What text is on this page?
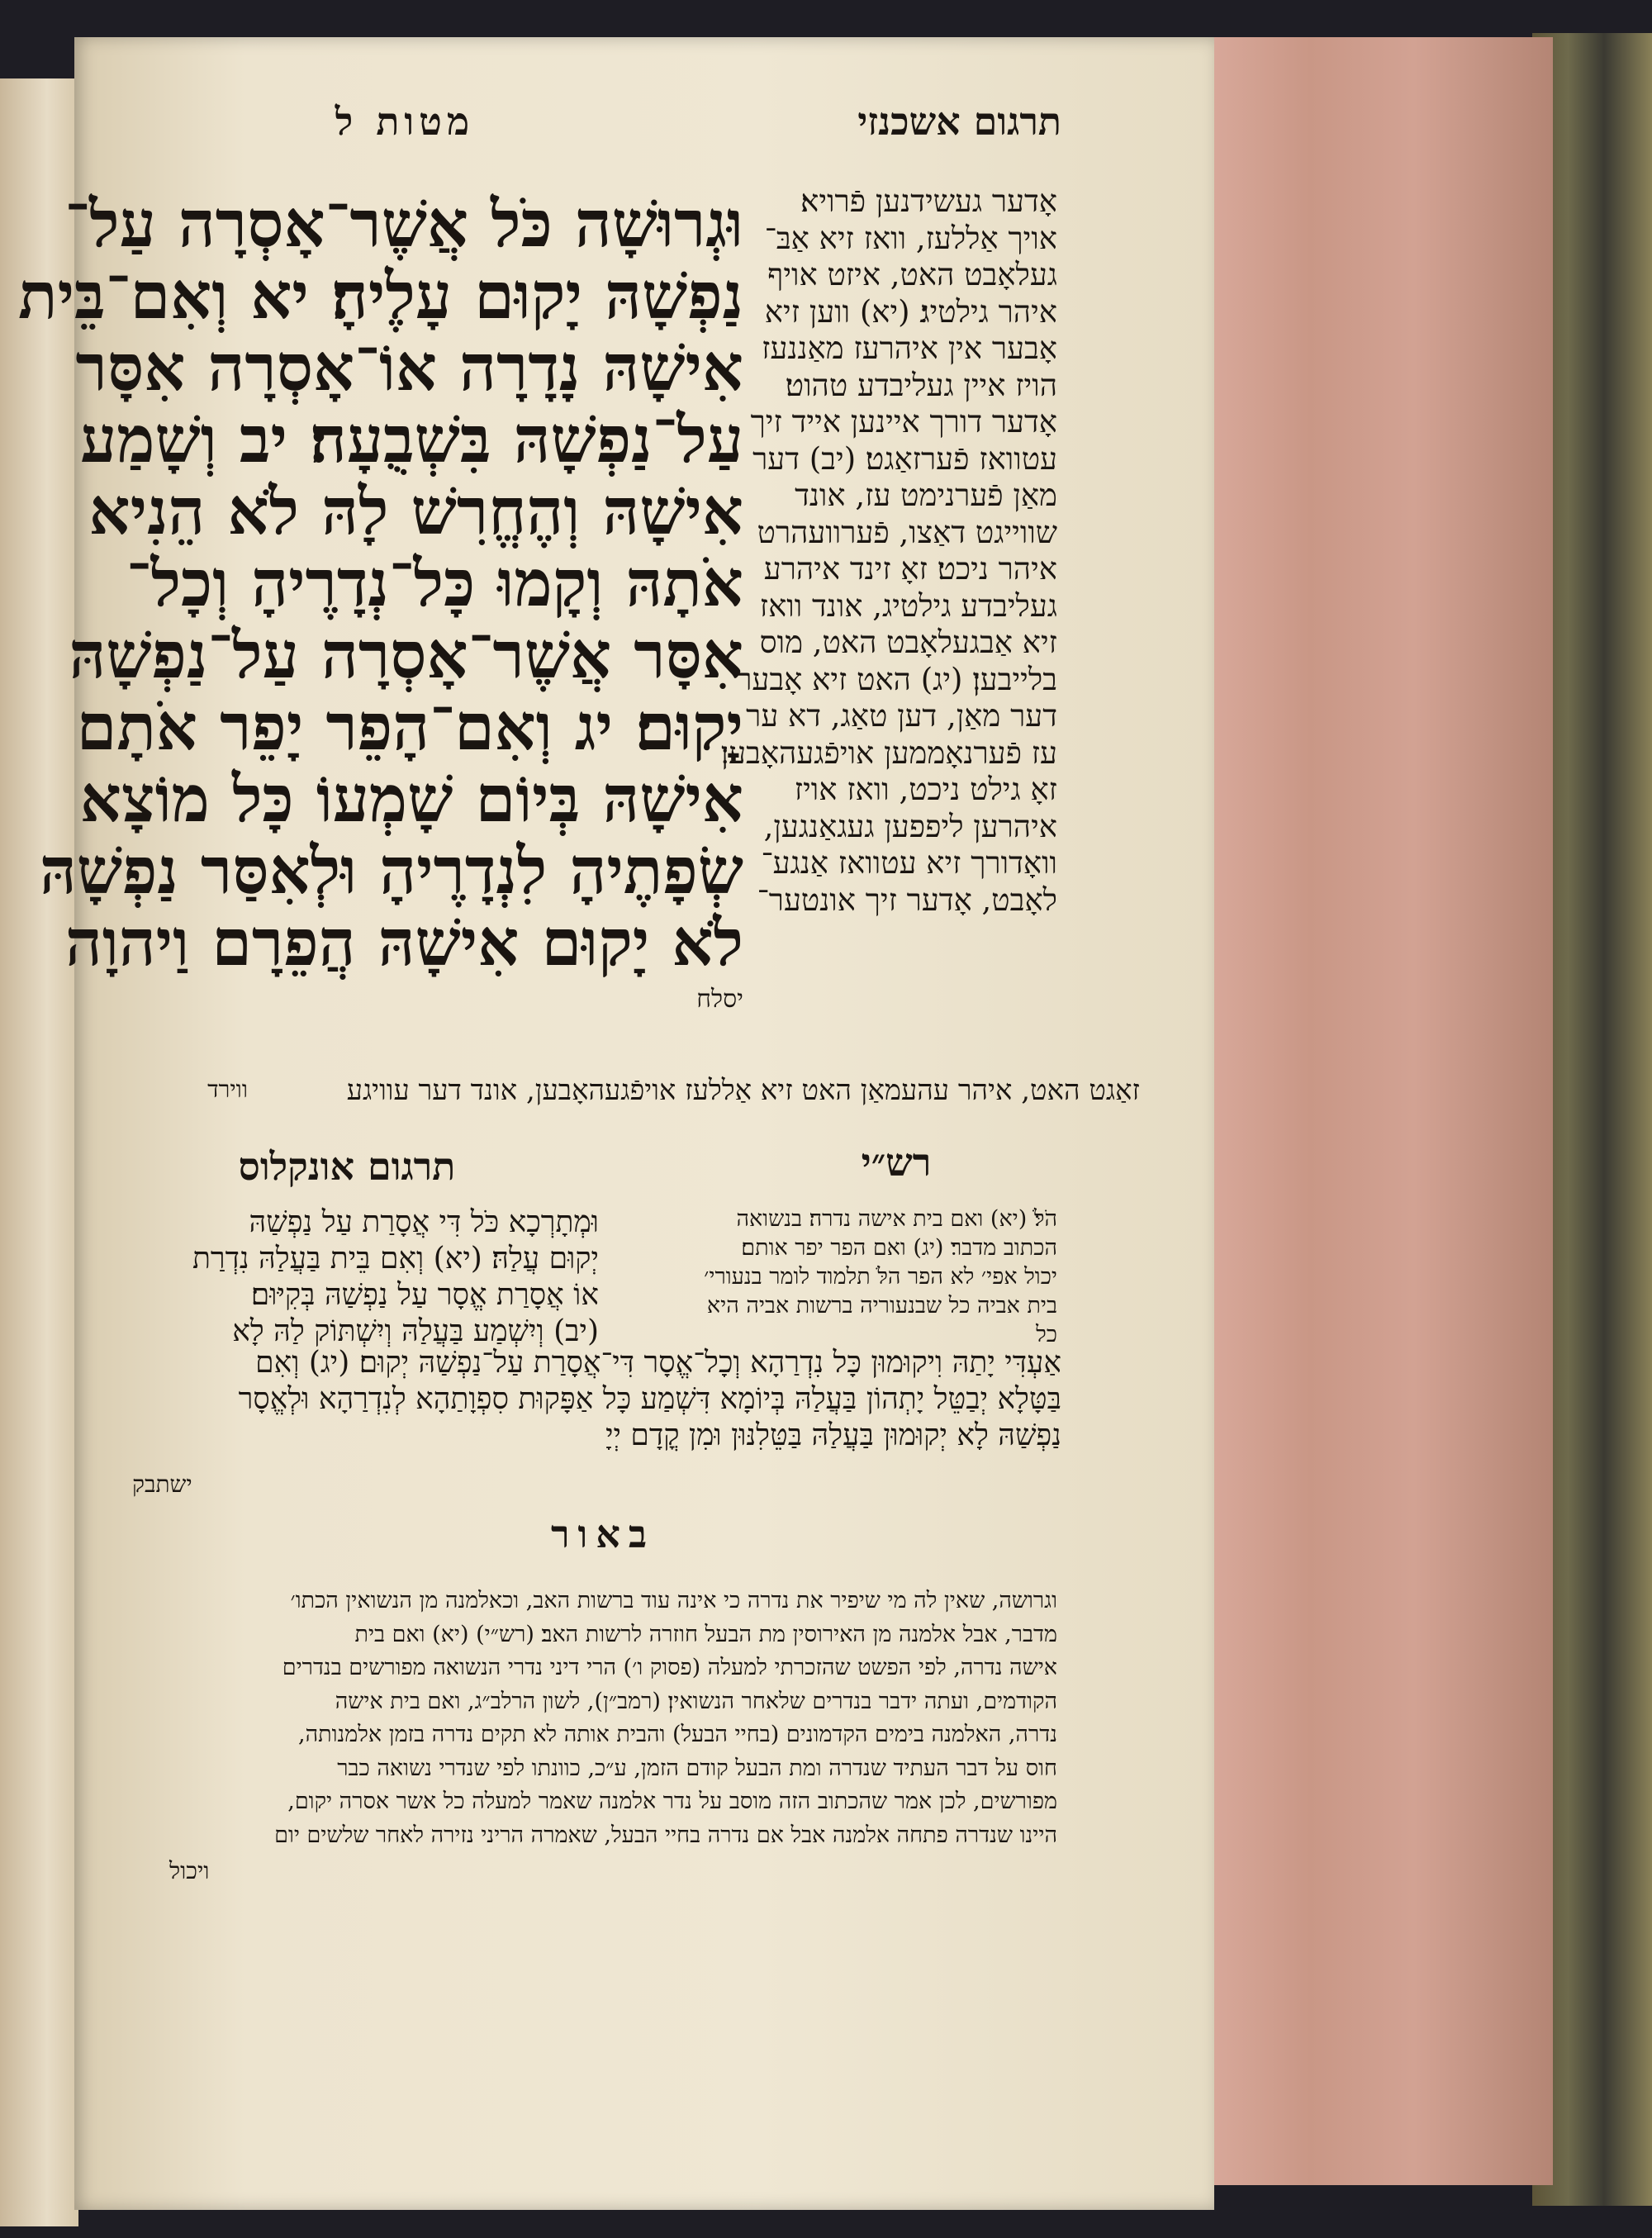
מטות ל	תרגום אשכנזי
וּגְרוּשָׁה כֹּל אֲשֶׁר־אָסְרָה עַל־
נַפְשָׁהּ יָקוּם עָלֶיהָ׃ יא וְאִם־בֵּית
אִישָׁהּ נָדָרָה אוֹ־אָסְרָה אִסָּר
עַל־נַפְשָׁהּ בִּשְׁבֻעָה׃ יב וְשָׁמַע
אִישָׁהּ וְהֶחֱרִשׁ לָהּ לֹא הֵנִיא
אֹתָהּ וְקָמוּ כָּל־נְדָרֶיהָ וְכָל־
אִסָּר אֲשֶׁר־אָסְרָה עַל־נַפְשָׁהּ
יָקוּם׃ יג וְאִם־הָפֵר יָפֵר אֹתָם
אִישָׁהּ בְּיוֹם שָׁמְעוֹ כָּל מוֹצָא
שְׂפָתֶיהָ לִנְדָרֶיהָ וּלְאִסַּר נַפְשָׁהּ
לֹא יָקוּם אִישָׁהּ הֲפֵרָם וַיהוָה
יסלח
אָדער געשידנען פֿרויא׃
אויך אַללעז, וואז זיא אַבּ־
געלאָבט האט, איזט אויף
איהר גילטיג׃ (יא) ווען זיא
אָבער אין איהרעז מאַננעז
הויז איין געליבדע טהוט׃
אָדער דורך איינען אייד זיך
עטוואז פֿערזאַגט׃ (יב) דער
מאַן פֿערנימט עז, אונד
שווייגט דאַצו, פֿערוועהרט
איהר ניכט׃ זאָ זינד איהרע
געליבדע גילטיג, אונד וואז
זיא אַבגעלאָבט האט, מוס
בלייבען׃ (יג) האט זיא אָבער
דער מאַן, דען טאַג, דא ער
עז פֿערנאָממען אויפֿגעהאָבען׃
זאָ גילט ניכט, וואז אויז
איהרען ליפפען געגאַנגען,
וואָדורך זיא עטוואז אַנגע־
לאָבט, אָדער זיך אונטער־
זאַגט האט, איהר עהעמאַן האט זיא אַללעז אויפֿגעהאָבען, אונד דער עוויגע
ווירד
רש״י
הֹלֹּ׃ (יא) ואם בית אישה נדרה׃ בנשואה
הכתוב מדבר׃ (יג) ואם הפר יפר אותם׃
יכול אפי׳ לא הפר הלֹּ תלמוד לומר בנעורי׳
בית אביה כל שבנעוריה ברשות אביה היא
כל
תרגום אונקלוס
וּמְתָרְכָא כֹּל דִּי אֲסָרַת עַל נַפְשַׁהּ
יְקוּם עֲלַהּ׃ (יא) וְאִם בֵּית בַּעֲלַהּ נִדְרַת
אוֹ אֲסָרַת אֱסָר עַל נַפְשַׁהּ בְּקִיּוּם׃
(יב) וְיִשְׁמַע בַּעֲלַהּ וְיִשְׁתּוֹק לַהּ לָא
אַעְדִּי יָתַהּ וִיקוּמוּן כָּל נִדְרַהָא וְכָל־אֱסָר דִּי־אֲסָרַת עַל־נַפְשַׁהּ יְקוּם׃ (יג) וְאִם
בַּטָּלָא יְבַטֵּל יָתְהוֹן בַּעֲלַהּ בְּיוֹמָא דִּשְׁמַע כָּל אַפָּקוּת סִפְוָתַהָא לְנִדְרַהָא וּלְאֱסָר
נַפְשַׁהּ לָא יְקוּמוּן בַּעֲלַהּ בַּטֵּלִנּוּן וּמִן קֳדָם יְיָ
ישתבק
באור
וגרושה, שאין לה מי שיפיר את נדרה כי אינה עוד ברשות האב, וכאלמנה מן הנשואין הכתו׳
מדבר, אבל אלמנה מן האירוסין מת הבעל חוזרה לרשות האב׃ (רש״י) (יא) ואם בית
אישה נדרה, לפי הפשט שהזכרתי למעלה (פסוק ו׳) הרי דיני נדרי הנשואה מפורשים בנדרים
הקודמים, ועתה ידבר בנדרים שלאחר הנשואין׃ (רמב״ן), לשון הרלב״ג, ואם בית אישה
נדרה, האלמנה בימים הקדמונים (בחיי הבעל) והבית אותה לא תקים נדרה בזמן אלמנותה,
חוס על דבר העתיד שנדרה ומת הבעל קודם הזמן, ע״כ, כוונתו לפי שנדרי נשואה כבר
מפורשים, לכן אמר שהכתוב הזה מוסב על נדר אלמנה שאמר למעלה כל אשר אסרה יקום,
היינו שנדרה פתחה אלמנה אבל אם נדרה בחיי הבעל, שאמרה הריני נזירה לאחר שלשים יום
ויכול
